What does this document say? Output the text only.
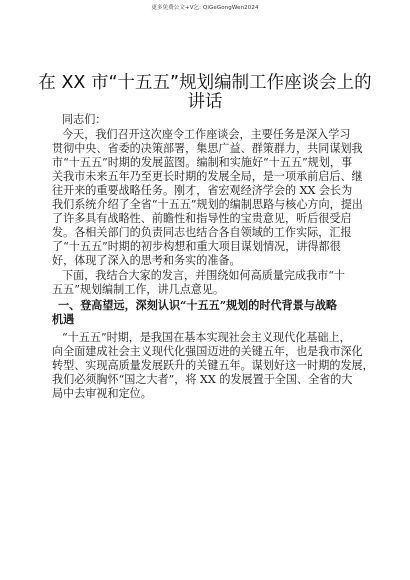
更多免费公文+V乞: QiGeGongWen2024
在 XX 市“十五五”规划编制工作座谈会上的
讲话
同志们：
今天，我们召开这次座令工作座谈会，主要任务是深入学习
贯彻中央、省委的决策部署，集思广益、群策群力，共同谋划我
市“十五五”时期的发展蓝图。编制和实施好“十五五”规划，事
关我市未来五年乃至更长时期的发展全局，是一项承前启后、继
往开来的重要战略任务。刚才，省宏观经济学会的 XX 会长为
我们系统介绍了全省“十五五”规划的编制思路与核心方向，提出
了许多具有战略性、前瞻性和指导性的宝贵意见，听后很受启
发。各相关部门的负责同志也结合各自领域的工作实际，汇报
了“十五五”时期的初步构想和重大项目谋划情况，讲得都很
好，体现了深入的思考和务实的准备。
下面，我结合大家的发言，并围绕如何高质量完成我市“十
五五”规划编制工作，讲几点意见。
一、登高望远，深刻认识“十五五”规划的时代背景与战略
机遇
“十五五”时期，是我国在基本实现社会主义现代化基础上，
向全面建成社会主义现代化强国迈进的关键五年，也是我市深化
转型、实现高质量发展跃升的关键五年。谋划好这一时期的发展，
我们必须胸怀“国之大者”，将 XX 的发展置于全国、全省的大
局中去审视和定位。
